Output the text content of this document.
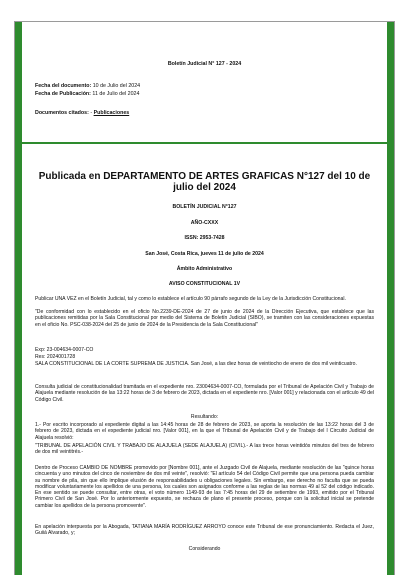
Boletín Judicial N° 127 - 2024
Fecha del documento: 10 de Julio del 2024
Fecha de Publicación: 11 de Julio del 2024
Documentos citados: - Publicaciones
Publicada en DEPARTAMENTO DE ARTES GRAFICAS N°127 del 10 de julio del 2024
BOLETÍN JUDICIAL N°127
AÑO-CXXX
ISSN: 2953-7428
San José, Costa Rica, jueves 11 de julio de 2024
Ámbito Administrativo
AVISO CONSTITUCIONAL 1V
Publicar UNA VEZ en el Boletín Judicial, tal y como lo establece el artículo 90 párrafo segundo de la Ley de la Jurisdicción Constitucional.
"De conformidad con lo establecido en el oficio No.2239-DE-2024 de 27 de junio de 2024 de la Dirección Ejecutiva, que establece que las publicaciones remitidas por la Sala Constitucional por medio del Sistema de Boletín Judicial (SIBO), se tramiten con las consideraciones expuestas en el oficio No. PSC-038-2024 del 25 de junio de 2024 de la Presidencia de la Sala Constitucional"
Exp: 23-004634-0007-CO
Res: 2024001728
SALA CONSTITUCIONAL DE LA CORTE SUPREMA DE JUSTICIA. San José, a las diez horas de veintiocho de enero de dos mil veinticuatro.
Consulta judicial de constitucionalidad tramitada en el expediente nro. 23004634-0007-CO, formulada por el Tribunal de Apelación Civil y Trabajo de Alajuela mediante resolución de las 13:22 horas de 3 de febrero de 2023, dictada en el expediente nro. [Valor 001] y relacionada con el artículo 49 del Código Civil.
Resultando:
1.- Por escrito incorporado al expediente digital a las 14:45 horas de 28 de febrero de 2023, se aporta la resolución de las 13:22 horas del 3 de febrero de 2023, dictada en el expediente judicial nro. [Valor 001], en la que el Tribunal de Apelación Civil y de Trabajo del I Circuito Judicial de Alajuela resolvió:
"TRIBUNAL DE APELACIÓN CIVIL Y TRABAJO DE ALAJUELA (SEDE ALAJUELA) (CIVIL).- A las trece horas veintidós minutos del tres de febrero de dos mil veintitrés.-
Dentro de Proceso CAMBIO DE NOMBRE promovido por [Nombre 001], ante el Juzgado Civil de Alajuela, mediante resolución de las "quince horas cincuenta y uno minutos del cinco de noviembre de dos mil veinte", resolvió: "El artículo 54 del Código Civil permite que una persona pueda cambiar su nombre de pila, sin que ello implique elusión de responsabilidades u obligaciones legales. Sin embargo, ese derecho no faculta que se pueda modificar voluntariamente los apellidos de una persona, los cuales son asignados conforme a las reglas de las normas 49 al 52 del código indicado. En ese sentido se puede consultar, entre otras, el voto número 1149-93 de las 7:45 horas del 29 de setiembre de 1993, emitido por el Tribunal Primero Civil de San José. Por lo anteriormente expuesto, se rechaza de plano el presente proceso, porque con la solicitud inicial se pretende cambiar los apellidos de la persona promovente".
En apelación interpuesta por la Abogada, TATIANA MARÍA RODRÍGUEZ ARROYO conoce este Tribunal de ese pronunciamiento. Redacta el Juez, Guiiá Alvarado, y;
Considerando
